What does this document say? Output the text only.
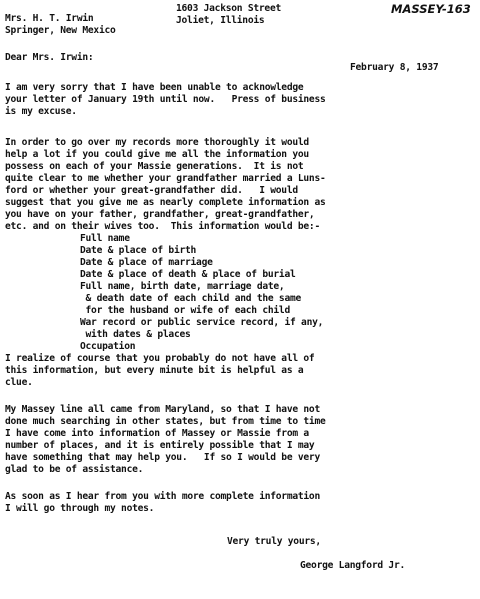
MASSEY-163
1603 Jackson Street
Joliet, Illinois
Mrs. H. T. Irwin
Springer, New Mexico
Dear Mrs. Irwin:
February 8, 1937
I am very sorry that I have been unable to acknowledge
your letter of January 19th until now.   Press of business
is my excuse.
In order to go over my records more thoroughly it would
help a lot if you could give me all the information you
possess on each of your Massie generations.  It is not
quite clear to me whether your grandfather married a Luns-
ford or whether your great-grandfather did.   I would
suggest that you give me as nearly complete information as
you have on your father, grandfather, great-grandfather,
etc. and on their wives too.  This information would be:-
Full name
Date & place of birth
Date & place of marriage
Date & place of death & place of burial
Full name, birth date, marriage date,
& death date of each child and the same
for the husband or wife of each child
War record or public service record, if any,
with dates & places
Occupation
I realize of course that you probably do not have all of
this information, but every minute bit is helpful as a
clue.
My Massey line all came from Maryland, so that I have not
done much searching in other states, but from time to time
I have come into information of Massey or Massie from a
number of places, and it is entirely possible that I may
have something that may help you.   If so I would be very
glad to be of assistance.
As soon as I hear from you with more complete information
I will go through my notes.
Very truly yours,
George Langford Jr.
